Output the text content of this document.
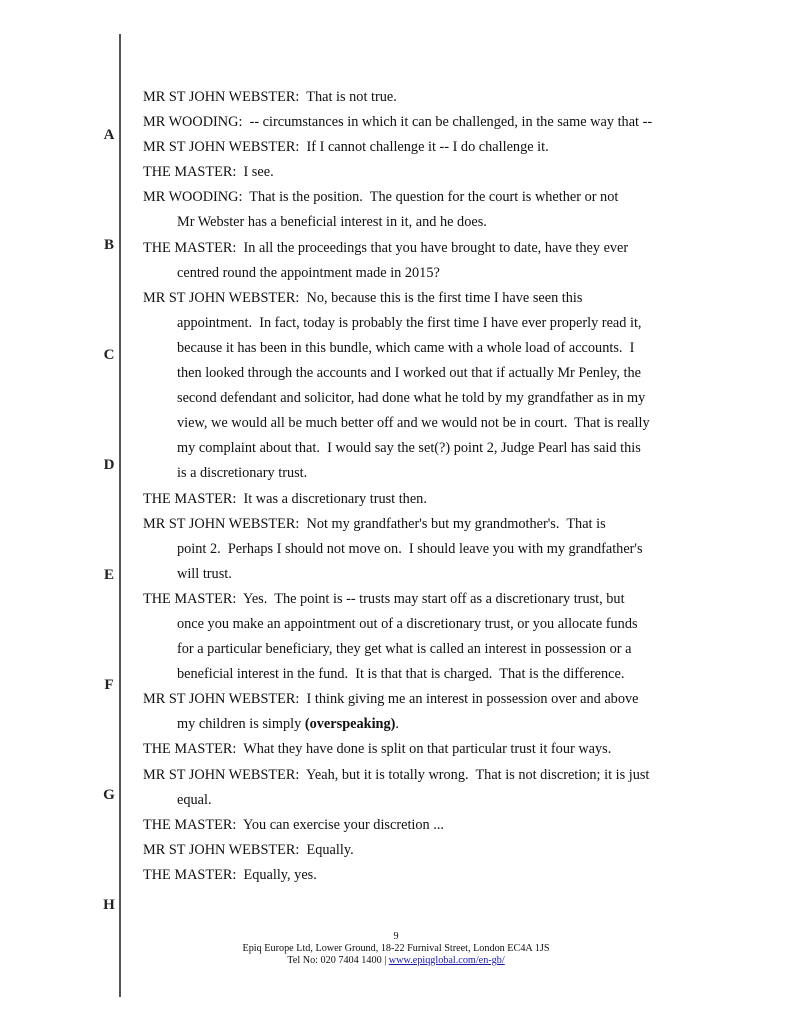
A
B
C
D
E
F
G
H
MR ST JOHN WEBSTER:  That is not true.
MR WOODING:  -- circumstances in which it can be challenged, in the same way that --
MR ST JOHN WEBSTER:  If I cannot challenge it -- I do challenge it.
THE MASTER:  I see.
MR WOODING:  That is the position.  The question for the court is whether or not
Mr Webster has a beneficial interest in it, and he does.
THE MASTER:  In all the proceedings that you have brought to date, have they ever
centred round the appointment made in 2015?
MR ST JOHN WEBSTER:  No, because this is the first time I have seen this
appointment.  In fact, today is probably the first time I have ever properly read it,
because it has been in this bundle, which came with a whole load of accounts.  I
then looked through the accounts and I worked out that if actually Mr Penley, the
second defendant and solicitor, had done what he told by my grandfather as in my
view, we would all be much better off and we would not be in court.  That is really
my complaint about that.  I would say the set(?) point 2, Judge Pearl has said this
is a discretionary trust.
THE MASTER:  It was a discretionary trust then.
MR ST JOHN WEBSTER:  Not my grandfather's but my grandmother's.  That is
point 2.  Perhaps I should not move on.  I should leave you with my grandfather's
will trust.
THE MASTER:  Yes.  The point is -- trusts may start off as a discretionary trust, but
once you make an appointment out of a discretionary trust, or you allocate funds
for a particular beneficiary, they get what is called an interest in possession or a
beneficial interest in the fund.  It is that that is charged.  That is the difference.
MR ST JOHN WEBSTER:  I think giving me an interest in possession over and above
my children is simply (overspeaking).
THE MASTER:  What they have done is split on that particular trust it four ways.
MR ST JOHN WEBSTER:  Yeah, but it is totally wrong.  That is not discretion; it is just
equal.
THE MASTER:  You can exercise your discretion ...
MR ST JOHN WEBSTER:  Equally.
THE MASTER:  Equally, yes.
9
Epiq Europe Ltd, Lower Ground, 18-22 Furnival Street, London EC4A 1JS
Tel No: 020 7404 1400 | www.epiqglobal.com/en-gb/
